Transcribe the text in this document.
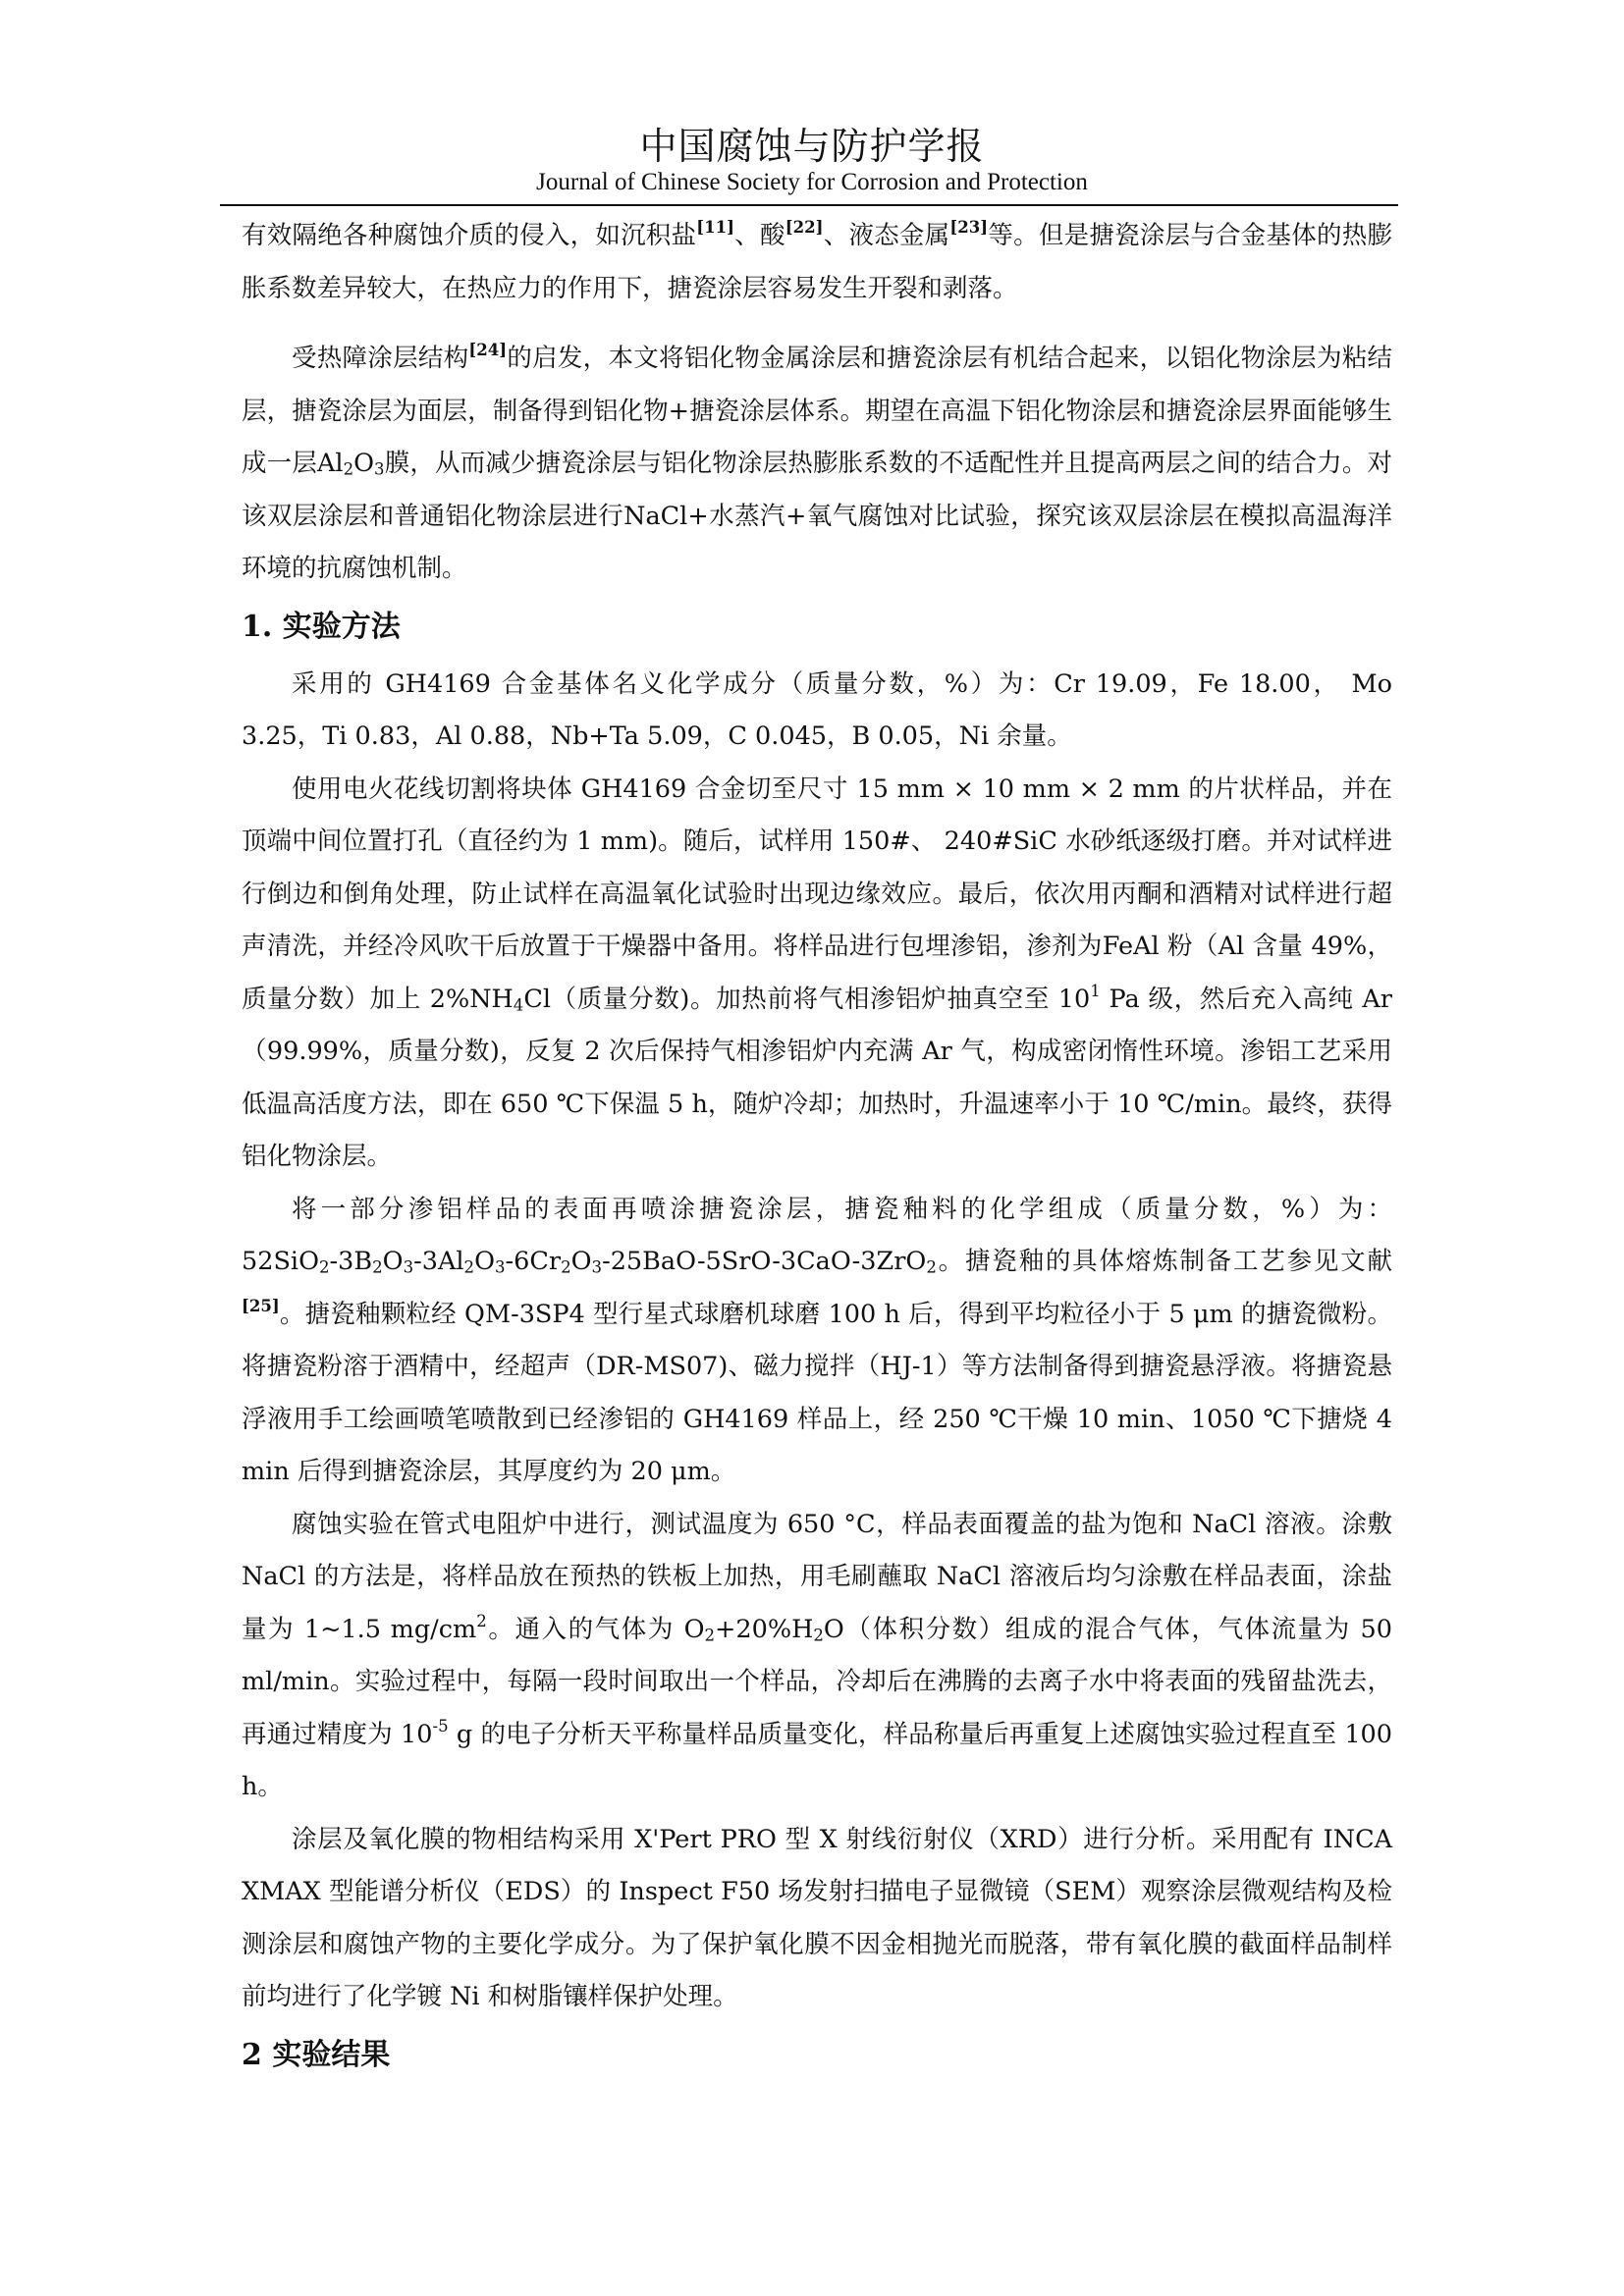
中国腐蚀与防护学报
Journal of Chinese Society for Corrosion and Protection

有效隔绝各种腐蚀介质的侵入，如沉积盐[11]、酸[22]、液态金属[23]等。但是搪瓷涂层与合金基体的热膨胀系数差异较大，在热应力的作用下，搪瓷涂层容易发生开裂和剥落。

受热障涂层结构[24]的启发，本文将铝化物金属涂层和搪瓷涂层有机结合起来，以铝化物涂层为粘结层，搪瓷涂层为面层，制备得到铝化物+搪瓷涂层体系。期望在高温下铝化物涂层和搪瓷涂层界面能够生成一层$Al_2O_3$膜，从而减少搪瓷涂层与铝化物涂层热膨胀系数的不适配性并且提高两层之间的结合力。对该双层涂层和普通铝化物涂层进行NaCl+水蒸汽+氧气腐蚀对比试验，探究该双层涂层在模拟高温海洋环境的抗腐蚀机制。

1. 实验方法

采用的 GH4169 合金基体名义化学成分（质量分数，%）为：Cr 19.09，Fe 18.00， Mo 3.25，Ti 0.83，Al 0.88，Nb+Ta 5.09，C 0.045，B 0.05，Ni 余量。

使用电火花线切割将块体 GH4169 合金切至尺寸 15 mm × 10 mm × 2 mm 的片状样品，并在顶端中间位置打孔（直径约为 1 mm)。随后，试样用 150#、 240#SiC 水砂纸逐级打磨。并对试样进行倒边和倒角处理，防止试样在高温氧化试验时出现边缘效应。最后，依次用丙酮和酒精对试样进行超声清洗，并经冷风吹干后放置于干燥器中备用。将样品进行包埋渗铝，渗剂为FeAl 粉（Al 含量 49%，质量分数）加上 $2\%NH_4Cl$（质量分数)。加热前将气相渗铝炉抽真空至 $10^1$ Pa 级，然后充入高纯 Ar（99.99%，质量分数)，反复 2 次后保持气相渗铝炉内充满 Ar 气，构成密闭惰性环境。渗铝工艺采用低温高活度方法，即在 650 ℃下保温 5 h，随炉冷却；加热时，升温速率小于 10 ℃/min。最终，获得铝化物涂层。

将一部分渗铝样品的表面再喷涂搪瓷涂层，搪瓷釉料的化学组成（质量分数，%）为：$52SiO_2-3B_2O_3-3Al_2O_3-6Cr_2O_3-25BaO-5SrO-3CaO-3ZrO_2$。搪瓷釉的具体熔炼制备工艺参见文献[25]。搪瓷釉颗粒经 QM-3SP4 型行星式球磨机球磨 100 h 后，得到平均粒径小于 5 μm 的搪瓷微粉。将搪瓷粉溶于酒精中，经超声（DR-MS07)、磁力搅拌（HJ-1）等方法制备得到搪瓷悬浮液。将搪瓷悬浮液用手工绘画喷笔喷散到已经渗铝的 GH4169 样品上，经 250 ℃干燥 10 min、1050 ℃下搪烧 4 min 后得到搪瓷涂层，其厚度约为 20 μm。

腐蚀实验在管式电阻炉中进行，测试温度为 650 °C，样品表面覆盖的盐为饱和 NaCl 溶液。涂敷 NaCl 的方法是，将样品放在预热的铁板上加热，用毛刷蘸取 NaCl 溶液后均匀涂敷在样品表面，涂盐量为 1~1.5 $mg/cm^2$。通入的气体为 $O_2+20\%H_2O$（体积分数）组成的混合气体，气体流量为 50 ml/min。实验过程中，每隔一段时间取出一个样品，冷却后在沸腾的去离子水中将表面的残留盐洗去，再通过精度为 $10^{-5}$ g 的电子分析天平称量样品质量变化，样品称量后再重复上述腐蚀实验过程直至 100 h。

涂层及氧化膜的物相结构采用 X'Pert PRO 型 X 射线衍射仪（XRD）进行分析。采用配有 INCA XMAX 型能谱分析仪（EDS）的 Inspect F50 场发射扫描电子显微镜（SEM）观察涂层微观结构及检测涂层和腐蚀产物的主要化学成分。为了保护氧化膜不因金相抛光而脱落，带有氧化膜的截面样品制样前均进行了化学镀 Ni 和树脂镶样保护处理。

2 实验结果
